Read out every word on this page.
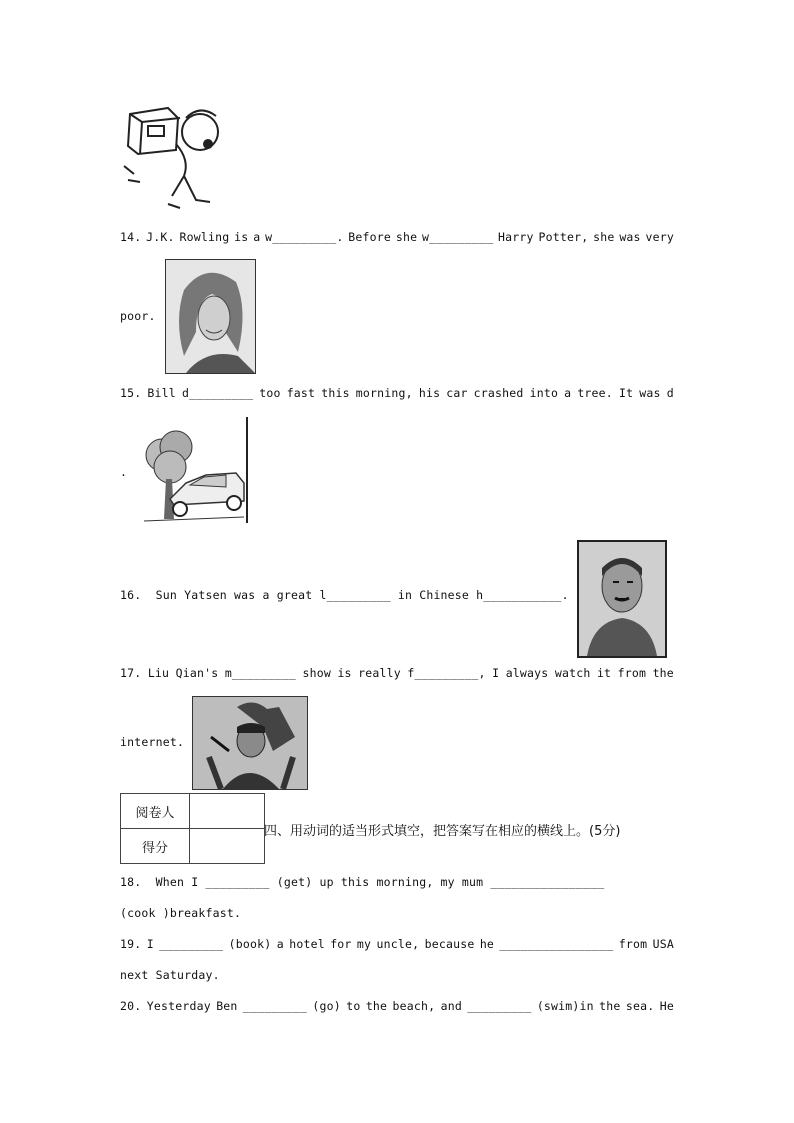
14. J.K. Rowling is a w_________. Before she w_________ Harry Potter, she was very
poor.
15. Bill d_________ too fast this morning, his car crashed into a tree. It was d
.
16.  Sun Yatsen was a great l_________ in Chinese h___________.
17. Liu Qian's m_________ show is really f_________, I always watch it from the
internet.
阅卷人	
得分	
四、用动词的适当形式填空，把答案写在相应的横线上。(5分)
18.  When I _________ (get) up this morning, my mum ________________
(cook )breakfast.
19. I _________ (book) a hotel for my uncle, because he ________________ from USA
next Saturday.
20. Yesterday Ben _________ (go) to the beach, and _________ (swim)in the sea. He
